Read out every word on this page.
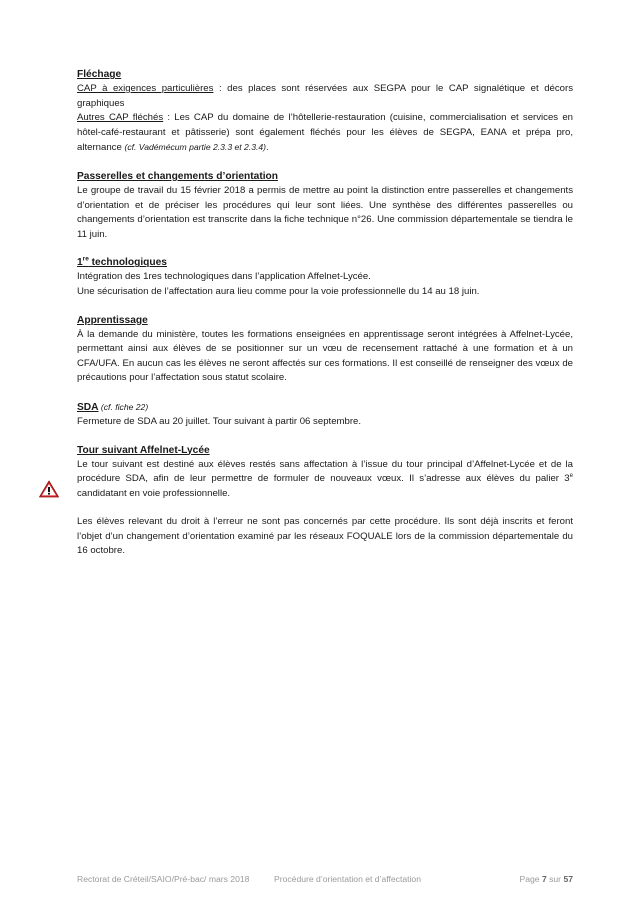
Fléchage

CAP à exigences particulières : des places sont réservées aux SEGPA pour le CAP signalétique et décors graphiques

Autres CAP fléchés : Les CAP du domaine de l’hôtellerie-restauration (cuisine, commercialisation et services en hôtel-café-restaurant et pâtisserie) sont également fléchés pour les élèves de SEGPA, EANA et prépa pro, alternance (cf. Vadémécum partie 2.3.3 et 2.3.4).

Passerelles et changements d’orientation

Le groupe de travail du 15 février 2018 a permis de mettre au point la distinction entre passerelles et changements d’orientation et de préciser les procédures qui leur sont liées. Une synthèse des différentes passerelles ou changements d’orientation est transcrite dans la fiche technique n°26. Une commission départementale se tiendra le 11 juin.

1re technologiques

Intégration des 1res technologiques dans l’application Affelnet-Lycée.

Une sécurisation de l’affectation aura lieu comme pour la voie professionnelle du 14 au 18 juin.

Apprentissage

À la demande du ministère, toutes les formations enseignées en apprentissage seront intégrées à Affelnet-Lycée, permettant ainsi aux élèves de se positionner sur un vœu de recensement rattaché à une formation et à un CFA/UFA. En aucun cas les élèves ne seront affectés sur ces formations. Il est conseillé de renseigner des vœux de précautions pour l’affectation sous statut scolaire.

SDA (cf. fiche 22)

Fermeture de SDA au 20 juillet. Tour suivant à partir 06 septembre.

Tour suivant Affelnet-Lycée

Le tour suivant est destiné aux élèves restés sans affectation à l’issue du tour principal d’Affelnet-Lycée et de la procédure SDA, afin de leur permettre de formuler de nouveaux vœux. Il s’adresse aux élèves du palier 3e candidatant en voie professionnelle.

Les élèves relevant du droit à l’erreur ne sont pas concernés par cette procédure. Ils sont déjà inscrits et feront l’objet d’un changement d’orientation examiné par les réseaux FOQUALE lors de la commission départementale du 16 octobre.

Rectorat de Créteil/SAIO/Pré-bac/ mars 2018	Procédure d’orientation et d’affectation	Page 7 sur 57
